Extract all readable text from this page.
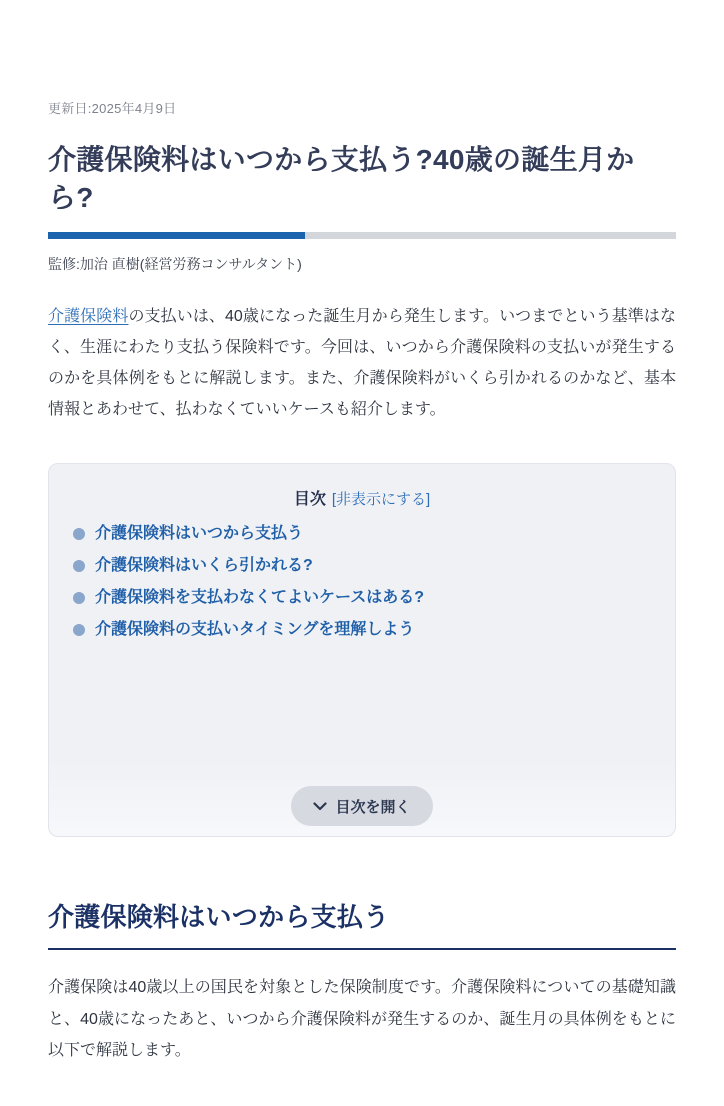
更新日:2025年4月9日
介護保険料はいつから支払う?40歳の誕生月から?
監修:加治 直樹(経営労務コンサルタント)

介護保険料の支払いは、40歳になった誕生月から発生します。いつまでという基準はなく、生涯にわたり支払う保険料です。今回は、いつから介護保険料の支払いが発生するのかを具体例をもとに解説します。また、介護保険料がいくら引かれるのかなど、基本情報とあわせて、払わなくていいケースも紹介します。

目次 [非表示にする]
介護保険料はいつから支払う
介護保険料はいくら引かれる?
介護保険料を支払わなくてよいケースはある?
介護保険料の支払いタイミングを理解しよう
目次を開く
介護保険料はいつから支払う

介護保険は40歳以上の国民を対象とした保険制度です。介護保険料についての基礎知識と、40歳になったあと、いつから介護保険料が発生するのか、誕生月の具体例をもとに以下で解説します。
